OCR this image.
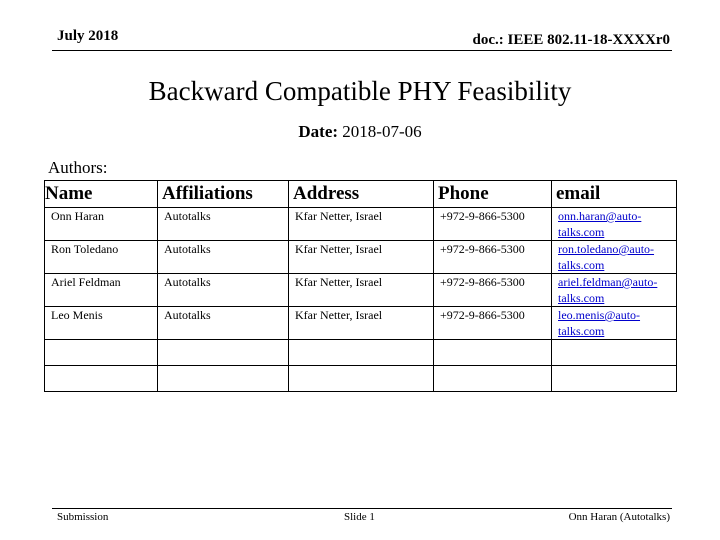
July 2018	doc.: IEEE 802.11-18-XXXXr0
Backward Compatible PHY Feasibility
Date: 2018-07-06
Authors:
Name	Affiliations	Address	Phone	email
Onn Haran	Autotalks	Kfar Netter, Israel	+972-9-866-5300	onn.haran@auto-talks.com
Ron Toledano	Autotalks	Kfar Netter, Israel	+972-9-866-5300	ron.toledano@auto-talks.com
Ariel Feldman	Autotalks	Kfar Netter, Israel	+972-9-866-5300	ariel.feldman@auto-talks.com
Leo Menis	Autotalks	Kfar Netter, Israel	+972-9-866-5300	leo.menis@auto-talks.com

Submission	Slide 1	Onn Haran (Autotalks)
